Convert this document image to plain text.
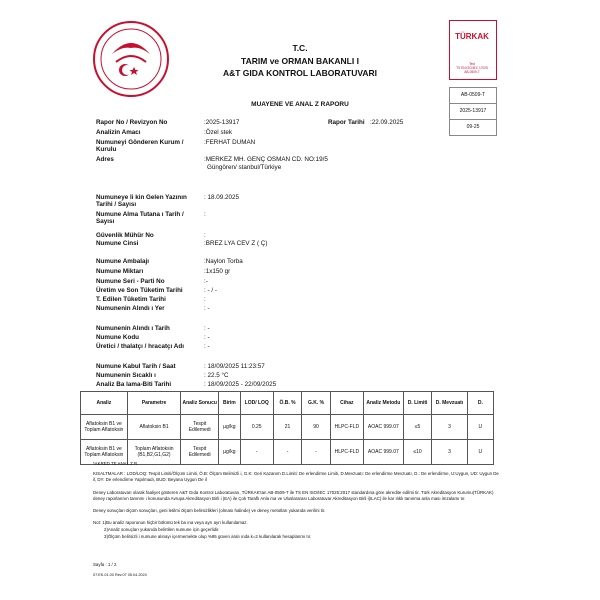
T.C.
TARIM ve ORMAN BAKANLI I
A&T GIDA KONTROL LABORATUVARI
TÜRKAK
Test
TS EN ISO/IEC 17025
AB-0509-T
AB-0509-T
2025-13917
09-25
MUAYENE VE ANAL Z RAPORU
Rapor No / Revizyon No	:2025-13917	Rapor Tarihi :22.09.2025
Analizin Amacı	:Özel stek
Numuneyi Gönderen Kurum / Kurulu
:FERHAT DUMAN
Adres	:MERKEZ MH. GENÇ OSMAN CD. NO:19/5
Güngören/ stanbul/Türkiye
Numuneye li kin Gelen Yazının Tarihi / Sayısı
: 18.09.2025
Numune Alma Tutana ı Tarih / Sayısı
:
Güvenlik Mühür No	:
Numune Cinsi	:BREZ LYA CEV Z ( Ç)
Numune Ambalajı	:Naylon Torba
Numune Miktarı	:1x150 gr
Numune Seri - Parti No	:-
Üretim ve Son Tüketim Tarihi	: - / -
T. Edilen Tüketim Tarihi	:
Numunenin Alındı ı Yer	: -
Numunenin Alındı ı Tarih	: -
Numune Kodu	: -
Üretici / thalatçı / hracatçı Adı	: -
Numune Kabul Tarih / Saat	: 18/09/2025 11:23:57
Numunenin Sıcaklı ı	: 22.5 °C
Analiz Ba lama-Biti Tarihi	: 18/09/2025 - 22/09/2025
Analiz	Parametre	Analiz Sonucu	Birim	LOD/ LOQ	Ö.B. %	G.K. %	Cihaz	Analiz Metodu	D. Limiti	D. Mevzuatı	D.
Aflatoksin B1 ve Toplam Aflatoksin	Aflatoksin B1	Tespit Edilemedi	µg/kg	0.25	21	90	HLPC-FLD	AOAC 999.07	≤5	3	U
Aflatoksin B1 ve Toplam Aflatoksin	Toplam Aflatoksin (B1,B2,G1,G2)	Tespit Edilemedi	µg/kg	-	-	-	HLPC-FLD	AOAC 999.07	≤10	3	U
*AKRED TE ANAL Z R.
KISALTMALAR : LOD/LOQ: Tespit Limiti/Ölçüm Limiti, Ö.B: Ölçüm Belirsizli i, G.K: Geri Kazanım D.Limiti: De erlendirme Limiti, D.Mevzuatı: De erlendirme Mevzuatı, D.: De erlendirme, U:Uygun, UD: Uygun De il, DY: De erlendirme Yapılmadı, BUD: Beyana Uygun De il
Deney Laboratuvarı olarak faaliyet gösteren A&T Gıda Kontrol Laboratuvarı, TÜRKAK'tan AB-0509-T ile TS EN ISO/IEC 17025:2017 standardına göre akredite edilmi tir. Türk Akreditasyon Kurumu(TÜRKAK) deney raporlarının tanınmı ı konusunda Avrupa Akreditasyon Birli i (EA) ile Çok Taraflı Anla ma ve Uluslararası Laboratuvar Akreditasyon Birli i(ILAC) ile kar ılıklı tanınma anla ması imzalamı tır.
Deney sonuçları ölçüm sonuçları, geni letilmi ölçüm belirsizlikleri (olması halinde) ve deney metotları yukarıda verilmi tir.
Not: 1)Bu analiz raporunun hiçbir bölümü tek ba ına veya ayrı ayrı kullanılamaz.
2)Analiz sonuçları yukarıda belirtilen numune için geçerlidir.
3)Ölçüm belirsizli i numune alınayı içermemekte olup %95 güven aralı ında k=2 kullanılarak hesaplanmı tır.
Sayfa : 1 / 2
07.EK.01.00 Rev.07 05.04.2024
